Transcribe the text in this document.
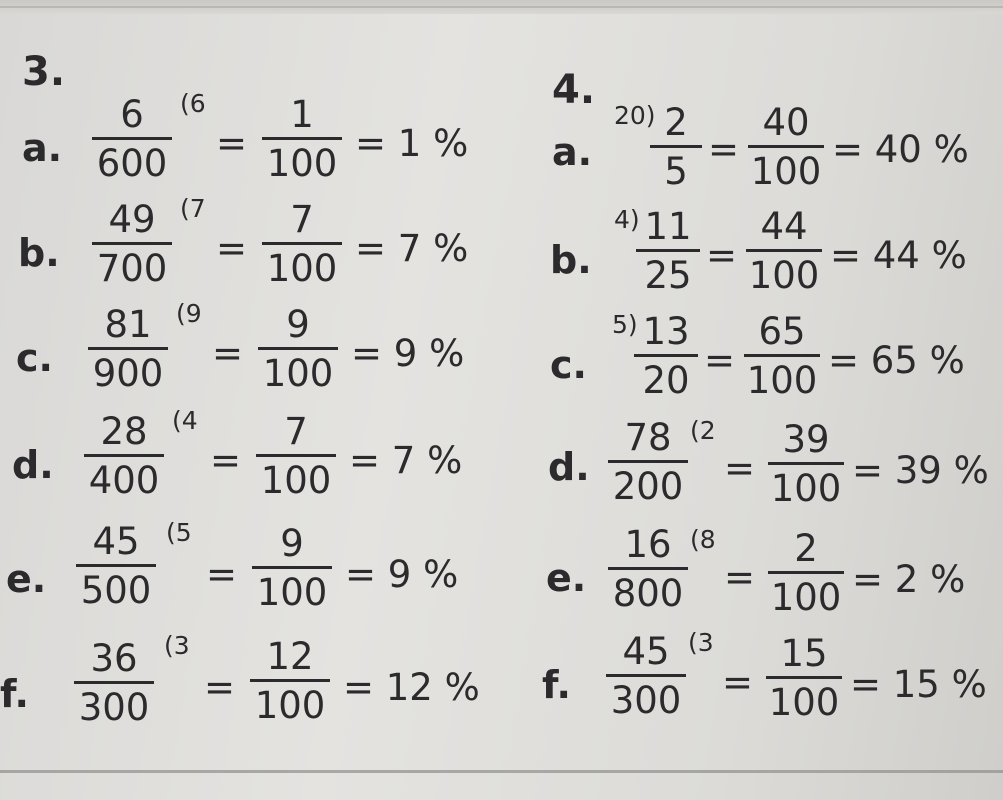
3.
a.
6
600
(6
=
1
100 = 1 %
b.
49
700
(7
=
7
100 = 7 %
c.
81
900
(9
=
9
100 = 9 %
d.
28
400
(4
=
7
100 = 7 %
e.
45
500
(5
=
9
100 = 9 %
f.
36
300
(3
=
12
100 = 12 %
4.
a.
20) 2
5
=
40
100
= 40 %
b.
4) 11
25 =
44
100 = 44 %
c.
5) 13
20 =
65
100 = 65 %
d.
78
200
(2
=
39
100 = 39 %
e.
16
800
(8
=
2
100 = 2 %
f.
45
300
(3
=
15
100 = 15 %
